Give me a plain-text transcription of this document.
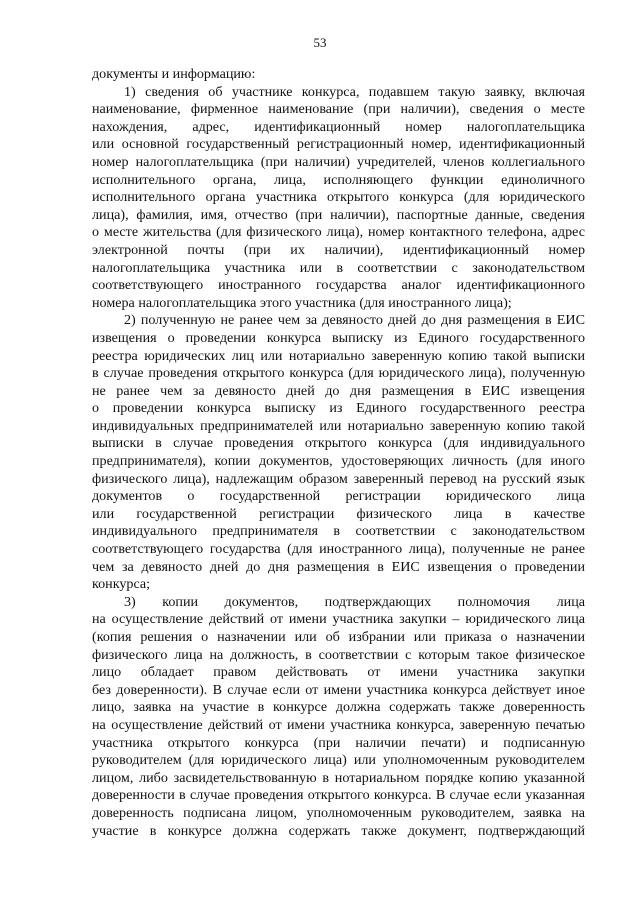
53
документы и информацию:
1) сведения об участнике конкурса, подавшем такую заявку, включая
наименование, фирменное наименование (при наличии), сведения о месте
нахождения, адрес, идентификационный номер налогоплательщика
или основной государственный регистрационный номер, идентификационный
номер налогоплательщика (при наличии) учредителей, членов коллегиального
исполнительного органа, лица, исполняющего функции единоличного
исполнительного органа участника открытого конкурса (для юридического
лица), фамилия, имя, отчество (при наличии), паспортные данные, сведения
о месте жительства (для физического лица), номер контактного телефона, адрес
электронной почты (при их наличии), идентификационный номер
налогоплательщика участника или в соответствии с законодательством
соответствующего иностранного государства аналог идентификационного
номера налогоплательщика этого участника (для иностранного лица);
2) полученную не ранее чем за девяносто дней до дня размещения в ЕИС
извещения о проведении конкурса выписку из Единого государственного
реестра юридических лиц или нотариально заверенную копию такой выписки
в случае проведения открытого конкурса (для юридического лица), полученную
не ранее чем за девяносто дней до дня размещения в ЕИС извещения
о проведении конкурса выписку из Единого государственного реестра
индивидуальных предпринимателей или нотариально заверенную копию такой
выписки в случае проведения открытого конкурса (для индивидуального
предпринимателя), копии документов, удостоверяющих личность (для иного
физического лица), надлежащим образом заверенный перевод на русский язык
документов о государственной регистрации юридического лица
или государственной регистрации физического лица в качестве
индивидуального предпринимателя в соответствии с законодательством
соответствующего государства (для иностранного лица), полученные не ранее
чем за девяносто дней до дня размещения в ЕИС извещения о проведении
конкурса;
3) копии документов, подтверждающих полномочия лица
на осуществление действий от имени участника закупки – юридического лица
(копия решения о назначении или об избрании или приказа о назначении
физического лица на должность, в соответствии с которым такое физическое
лицо обладает правом действовать от имени участника закупки
без доверенности). В случае если от имени участника конкурса действует иное
лицо, заявка на участие в конкурсе должна содержать также доверенность
на осуществление действий от имени участника конкурса, заверенную печатью
участника открытого конкурса (при наличии печати) и подписанную
руководителем (для юридического лица) или уполномоченным руководителем
лицом, либо засвидетельствованную в нотариальном порядке копию указанной
доверенности в случае проведения открытого конкурса. В случае если указанная
доверенность подписана лицом, уполномоченным руководителем, заявка на
участие в конкурсе должна содержать также документ, подтверждающий
